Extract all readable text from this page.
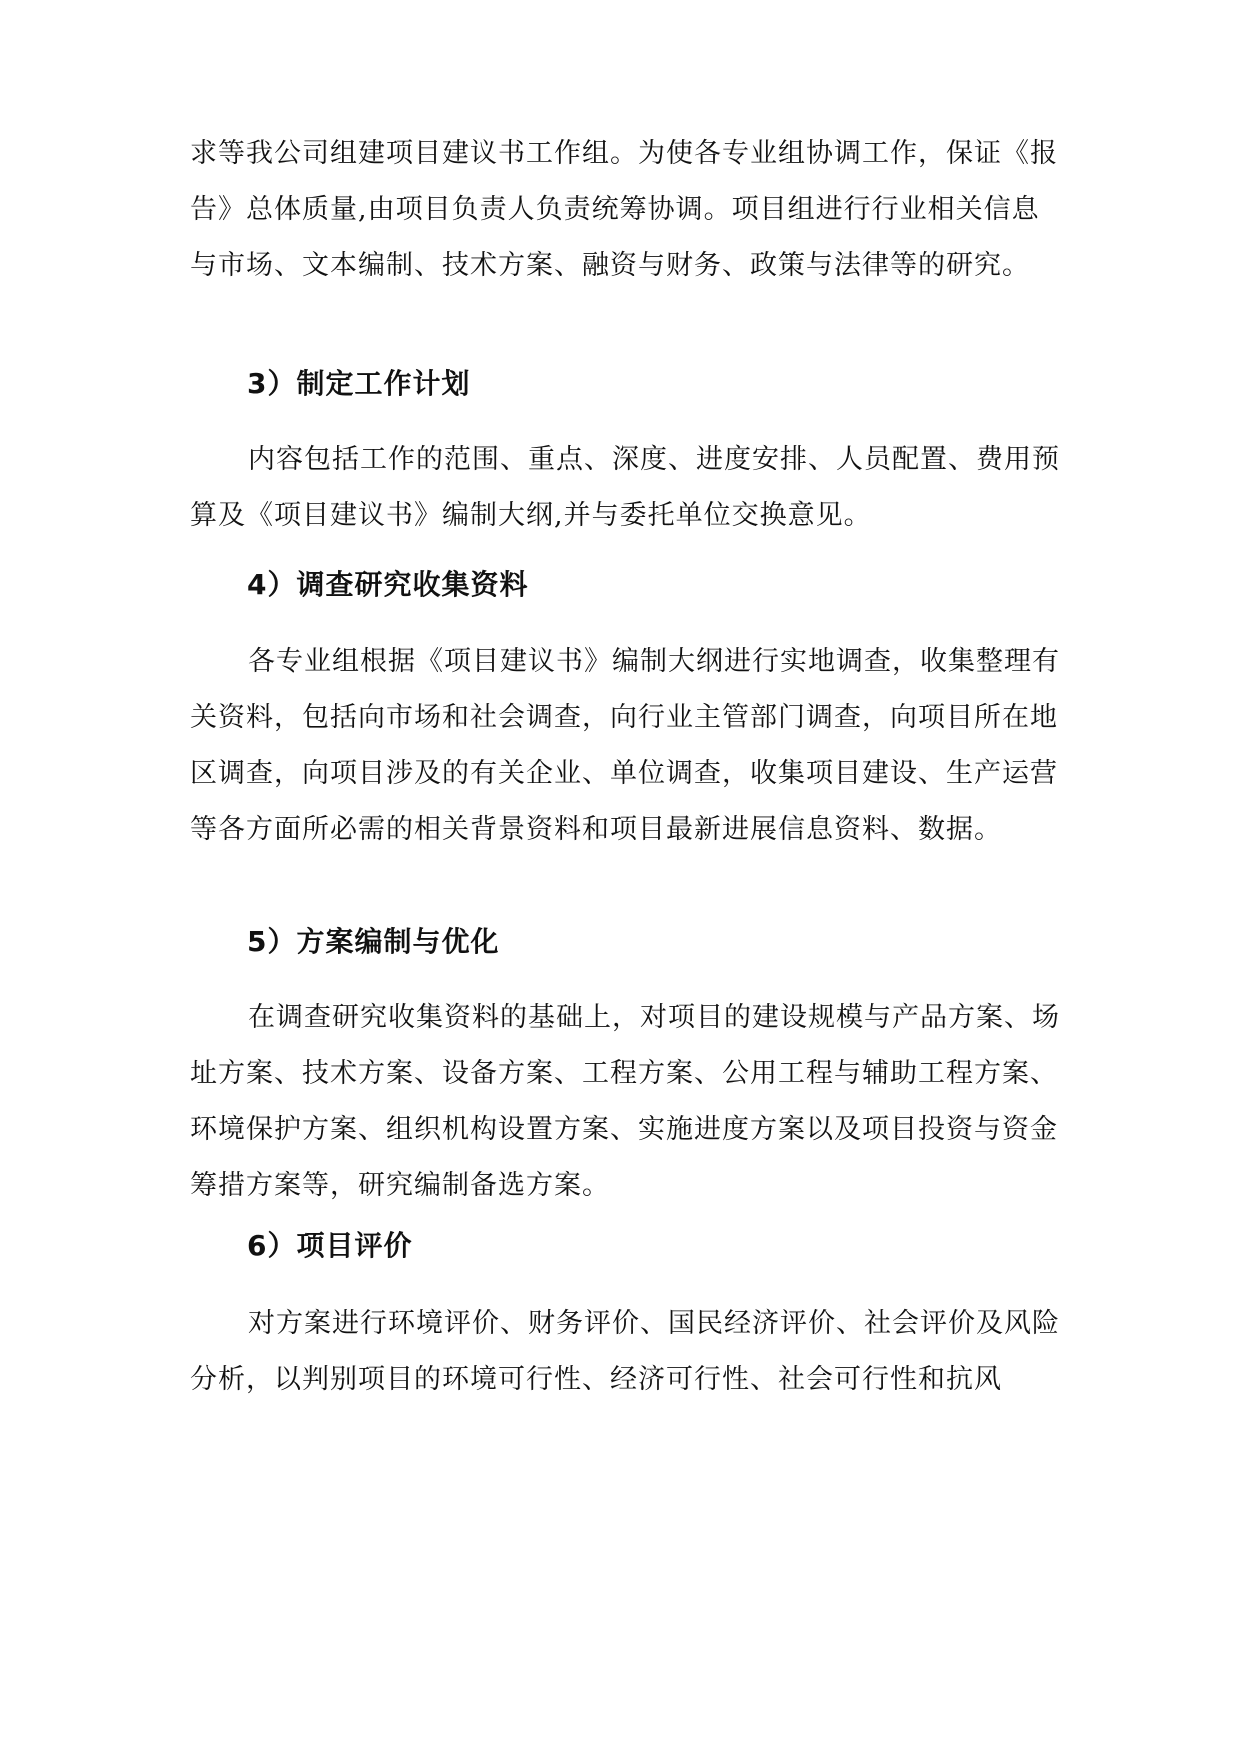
求等我公司组建项目建议书工作组。为使各专业组协调工作，保证《报告》总体质量,由项目负责人负责统筹协调。项目组进行行业相关信息与市场、文本编制、技术方案、融资与财务、政策与法律等的研究。
3）制定工作计划
内容包括工作的范围、重点、深度、进度安排、人员配置、费用预算及《项目建议书》编制大纲,并与委托单位交换意见。
4）调查研究收集资料
各专业组根据《项目建议书》编制大纲进行实地调查，收集整理有关资料，包括向市场和社会调查，向行业主管部门调查，向项目所在地区调查，向项目涉及的有关企业、单位调查，收集项目建设、生产运营等各方面所必需的相关背景资料和项目最新进展信息资料、数据。
5）方案编制与优化
在调查研究收集资料的基础上，对项目的建设规模与产品方案、场址方案、技术方案、设备方案、工程方案、公用工程与辅助工程方案、环境保护方案、组织机构设置方案、实施进度方案以及项目投资与资金筹措方案等，研究编制备选方案。
6）项目评价
对方案进行环境评价、财务评价、国民经济评价、社会评价及风险分析，以判别项目的环境可行性、经济可行性、社会可行性和抗风
